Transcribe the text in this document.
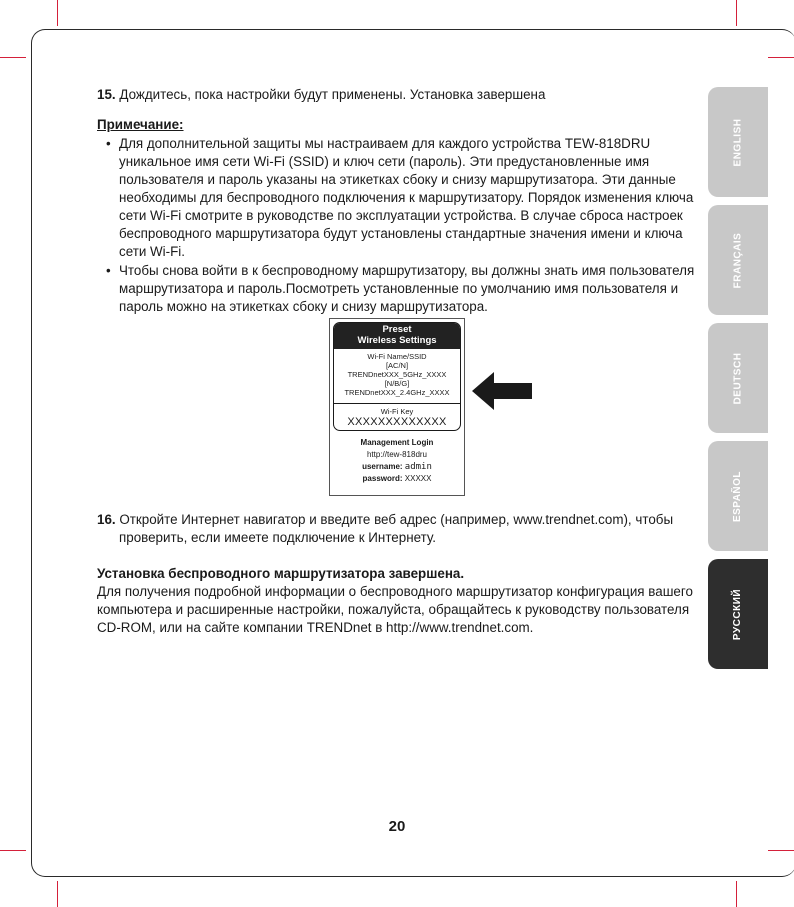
15. Дождитесь, пока настройки будут применены. Установка завершена
Примечание:
• Для дополнительной защиты мы настраиваем для каждого устройства TEW-818DRU
уникальное имя сети Wi-Fi (SSID) и ключ сети (пароль). Эти предустановленные имя
пользователя и пароль указаны на этикетках сбоку и снизу маршрутизатора. Эти данные
необходимы для беспроводного подключения к маршрутизатору. Порядок изменения ключа
сети Wi-Fi смотрите в руководстве по эксплуатации устройства. В случае сброса настроек
беспроводного маршрутизатора будут установлены стандартные значения имени и ключа
сети Wi-Fi.
• Чтобы снова войти в к беспроводному маршрутизатору, вы должны знать имя пользователя
маршрутизатора и пароль.Посмотреть установленные по умолчанию имя пользователя и
пароль можно на этикетках сбоку и снизу маршрутизатора.
Preset
Wireless Settings
Wi-Fi Name/SSID
[AC/N]
TRENDnetXXX_5GHz_XXXX
[N/B/G]
TRENDnetXXX_2.4GHz_XXXX
Wi-Fi Key
XXXXXXXXXXXXX
Management Login
http://tew-818dru
username: admin
password: XXXXX
16. Откройте Интернет навигатор и введите веб адрес (например, www.trendnet.com), чтобы
проверить, если имеете подключение к Интернету.
Установка беспроводного маршрутизатора завершена.
Для получения подробной информации о беспроводного маршрутизатор конфигурация вашего
компьютера и расширенные настройки, пожалуйста, обращайтесь к руководству пользователя
CD-ROM, или на сайте компании TRENDnet в http://www.trendnet.com.
20
ENGLISH
FRANÇAIS
DEUTSCH
ESPAÑOL
РУССКИЙ
